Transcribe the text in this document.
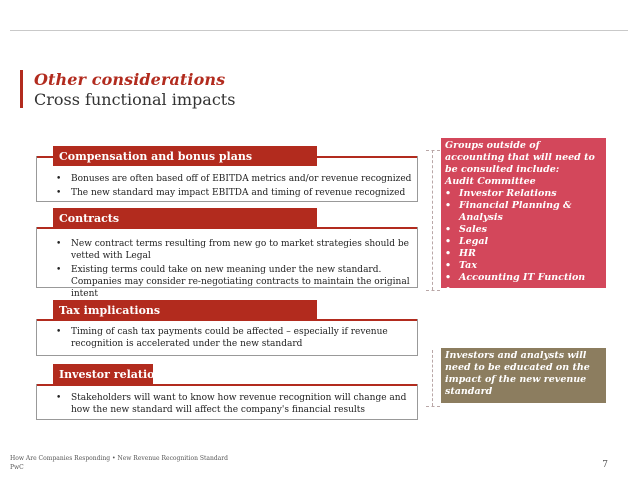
Other considerations
Cross functional impacts
Compensation and bonus plans
• Bonuses are often based off of EBITDA metrics and/or revenue recognized
• The new standard may impact EBITDA and timing of revenue recognized
Contracts
• New contract terms resulting from new go to market strategies should be vetted with Legal
• Existing terms could take on new meaning under the new standard. Companies may consider re-negotiating contracts to maintain the original intent
Tax implications
• Timing of cash tax payments could be affected – especially if revenue recognition is accelerated under the new standard
Investor relations
• Stakeholders will want to know how revenue recognition will change and how the new standard will affect the company's financial results
Groups outside of accounting that will need to be consulted include:
Audit Committee
• Investor Relations
• Financial Planning & Analysis
• Sales
• Legal
• HR
• Tax
• Accounting IT Function
Investors and analysts will need to be educated on the impact of the new revenue standard
How Are Companies Responding • New Revenue Recognition Standard
PwC	7
